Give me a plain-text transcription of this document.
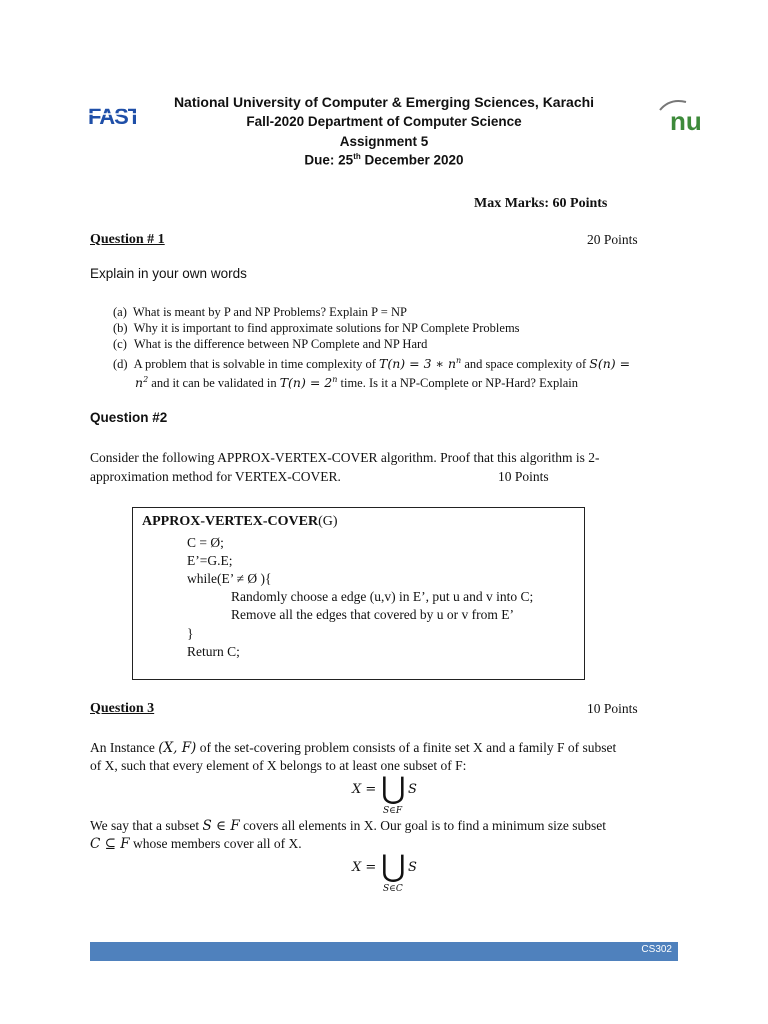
FAST	nu
National University of Computer & Emerging Sciences, Karachi
Fall-2020 Department of Computer Science
Assignment 5
Due: 25th December 2020
Max Marks: 60 Points
Question # 1	20 Points
Explain in your own words
(a) What is meant by P and NP Problems? Explain P = NP
(b) Why it is important to find approximate solutions for NP Complete Problems
(c) What is the difference between NP Complete and NP Hard
(d) A problem that is solvable in time complexity of T(n) = 3 ∗ $n^n$ and space complexity of S(n) =
$n^2$ and it can be validated in $T(n) = 2^n$ time. Is it a NP-Complete or NP-Hard? Explain
Question #2
Consider the following APPROX-VERTEX-COVER algorithm. Proof that this algorithm is 2-
approximation method for VERTEX-COVER.	10 Points
APPROX-VERTEX-COVER(G)
C = Ø;
E’=G.E;
while(E’ ≠ Ø ){
Randomly choose a edge (u,v) in E’, put u and v into C;
Remove all the edges that covered by u or v from E’
}
Return C;
Question 3	10 Points
An Instance (X, F) of the set-covering problem consists of a finite set X and a family F of subset
of X, such that every element of X belongs to at least one subset of F:
X = ⋃ S
S∈F
We say that a subset S ∈ F covers all elements in X. Our goal is to find a minimum size subset
C ⊆ F whose members cover all of X.
X = ⋃ S
S∈C
CS302
